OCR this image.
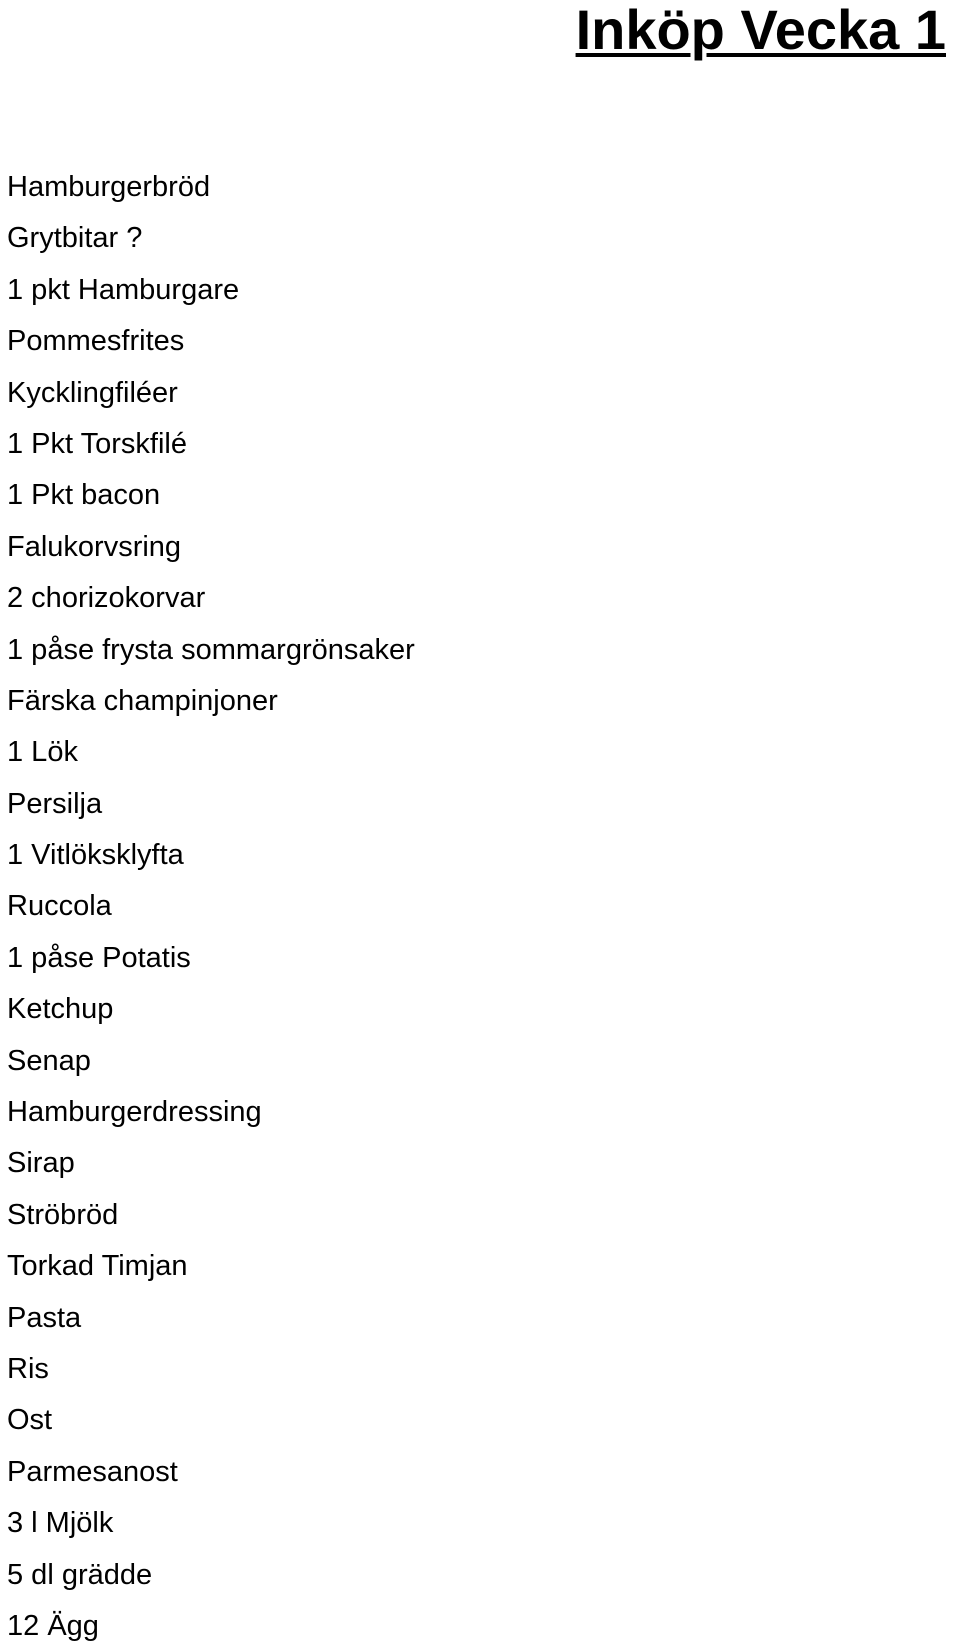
Inköp Vecka 1
Hamburgerbröd
Grytbitar ?
1 pkt Hamburgare
Pommesfrites
Kycklingfiléer
1 Pkt Torskfilé
1 Pkt bacon
Falukorvsring
2 chorizokorvar
1 påse frysta sommargrönsaker
Färska champinjoner
1 Lök
Persilja
1 Vitlöksklyfta
Ruccola
1 påse Potatis
Ketchup
Senap
Hamburgerdressing
Sirap
Ströbröd
Torkad Timjan
Pasta
Ris
Ost
Parmesanost
3 l Mjölk
5 dl grädde
12 Ägg
